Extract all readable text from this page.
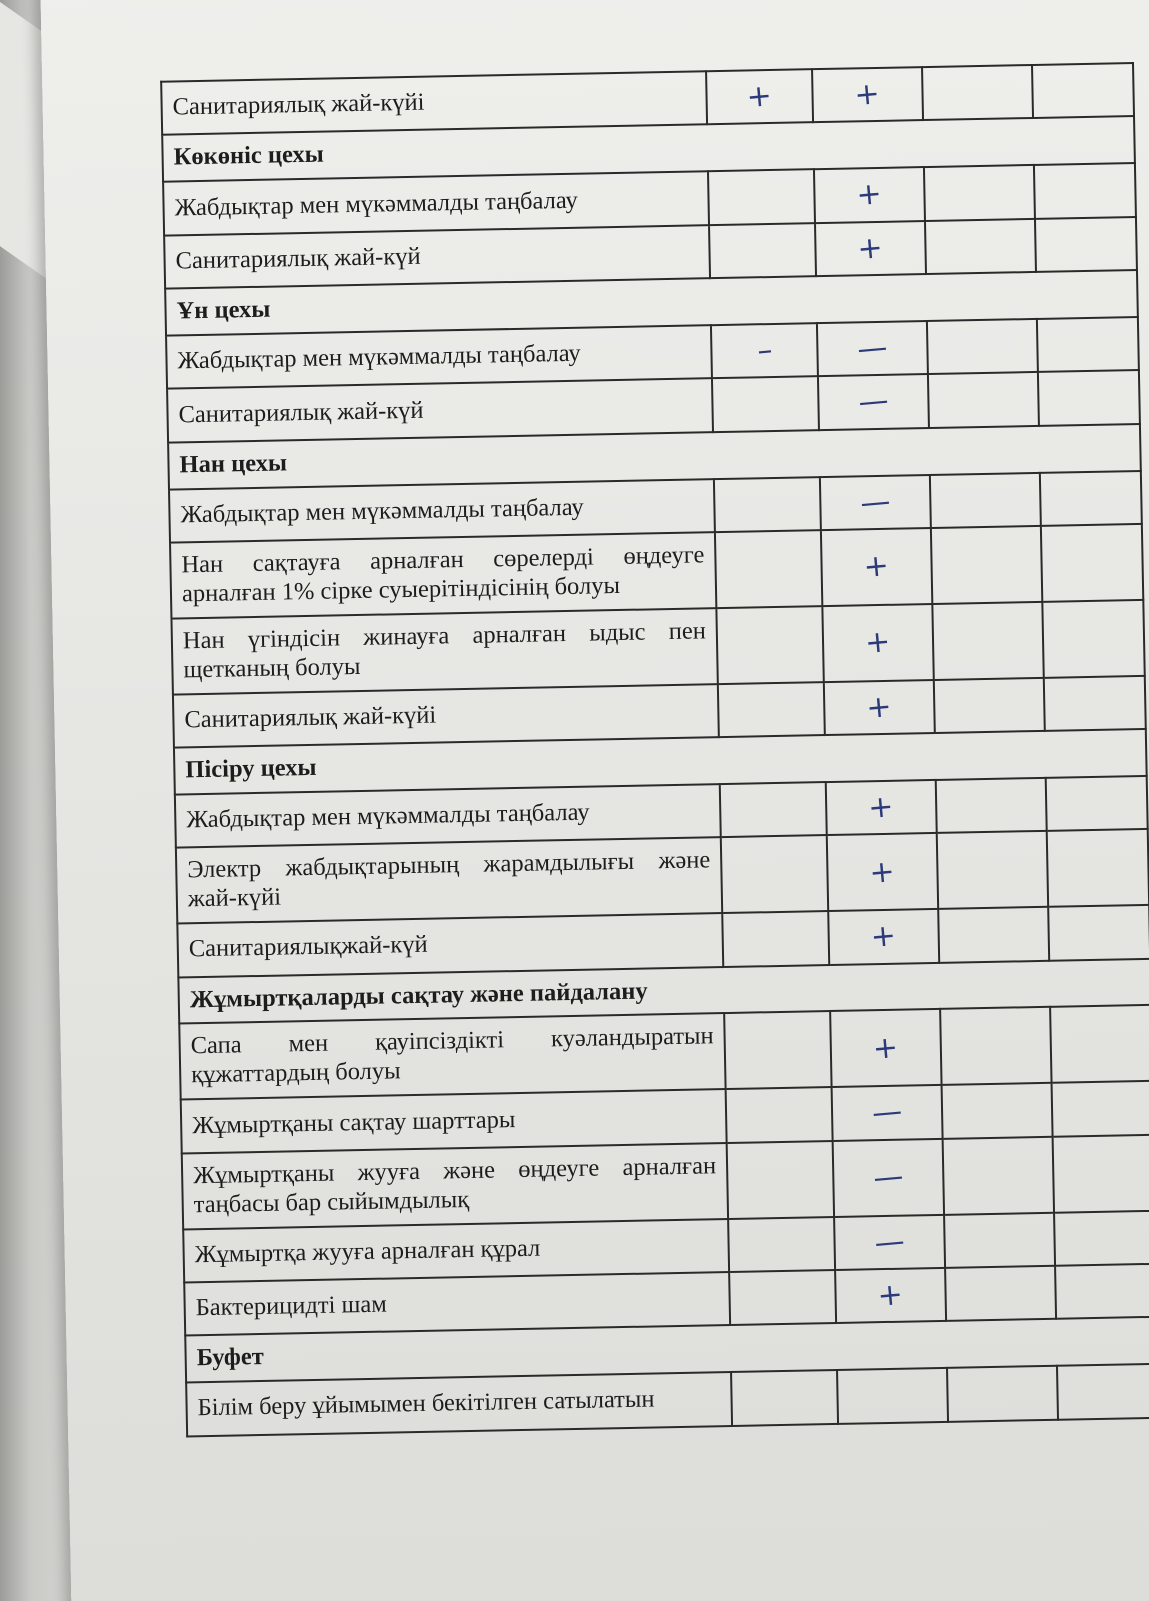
Санитариялық жай-күйі	+	+		
Көкөніс цехы				
Жабдықтар мен мүкәммалды таңбалау		+		
Санитариялық жай-күй		+		
Ұн цехы				
Жабдықтар мен мүкәммалды таңбалау	–	—		
Санитариялық жай-күй		—		
Нан цехы				
Жабдықтар мен мүкәммалды таңбалау		—		
Нан сақтауға арналған сөрелерді өңдеуге арналған 1% сірке суыерітіндісінің болуы		+		
Нан үгіндісін жинауға арналған ыдыс пен щетканың болуы		+		
Санитариялық жай-күйі		+		
Пісіру цехы				
Жабдықтар мен мүкәммалды таңбалау		+		
Электр жабдықтарының жарамдылығы және жай-күйі		+		
Санитариялықжай-күй		+		
Жұмыртқаларды сақтау және пайдалану				
Сапа мен қауіпсіздікті куәландыратын құжаттардың болуы		+		
Жұмыртқаны сақтау шарттары		—		
Жұмыртқаны жууға және өңдеуге арналған таңбасы бар сыйымдылық		—		
Жұмыртқа жууға арналған құрал		—		
Бактерицидті шам		+		
Буфет				
Білім беру ұйымымен бекітілген сатылатын				
